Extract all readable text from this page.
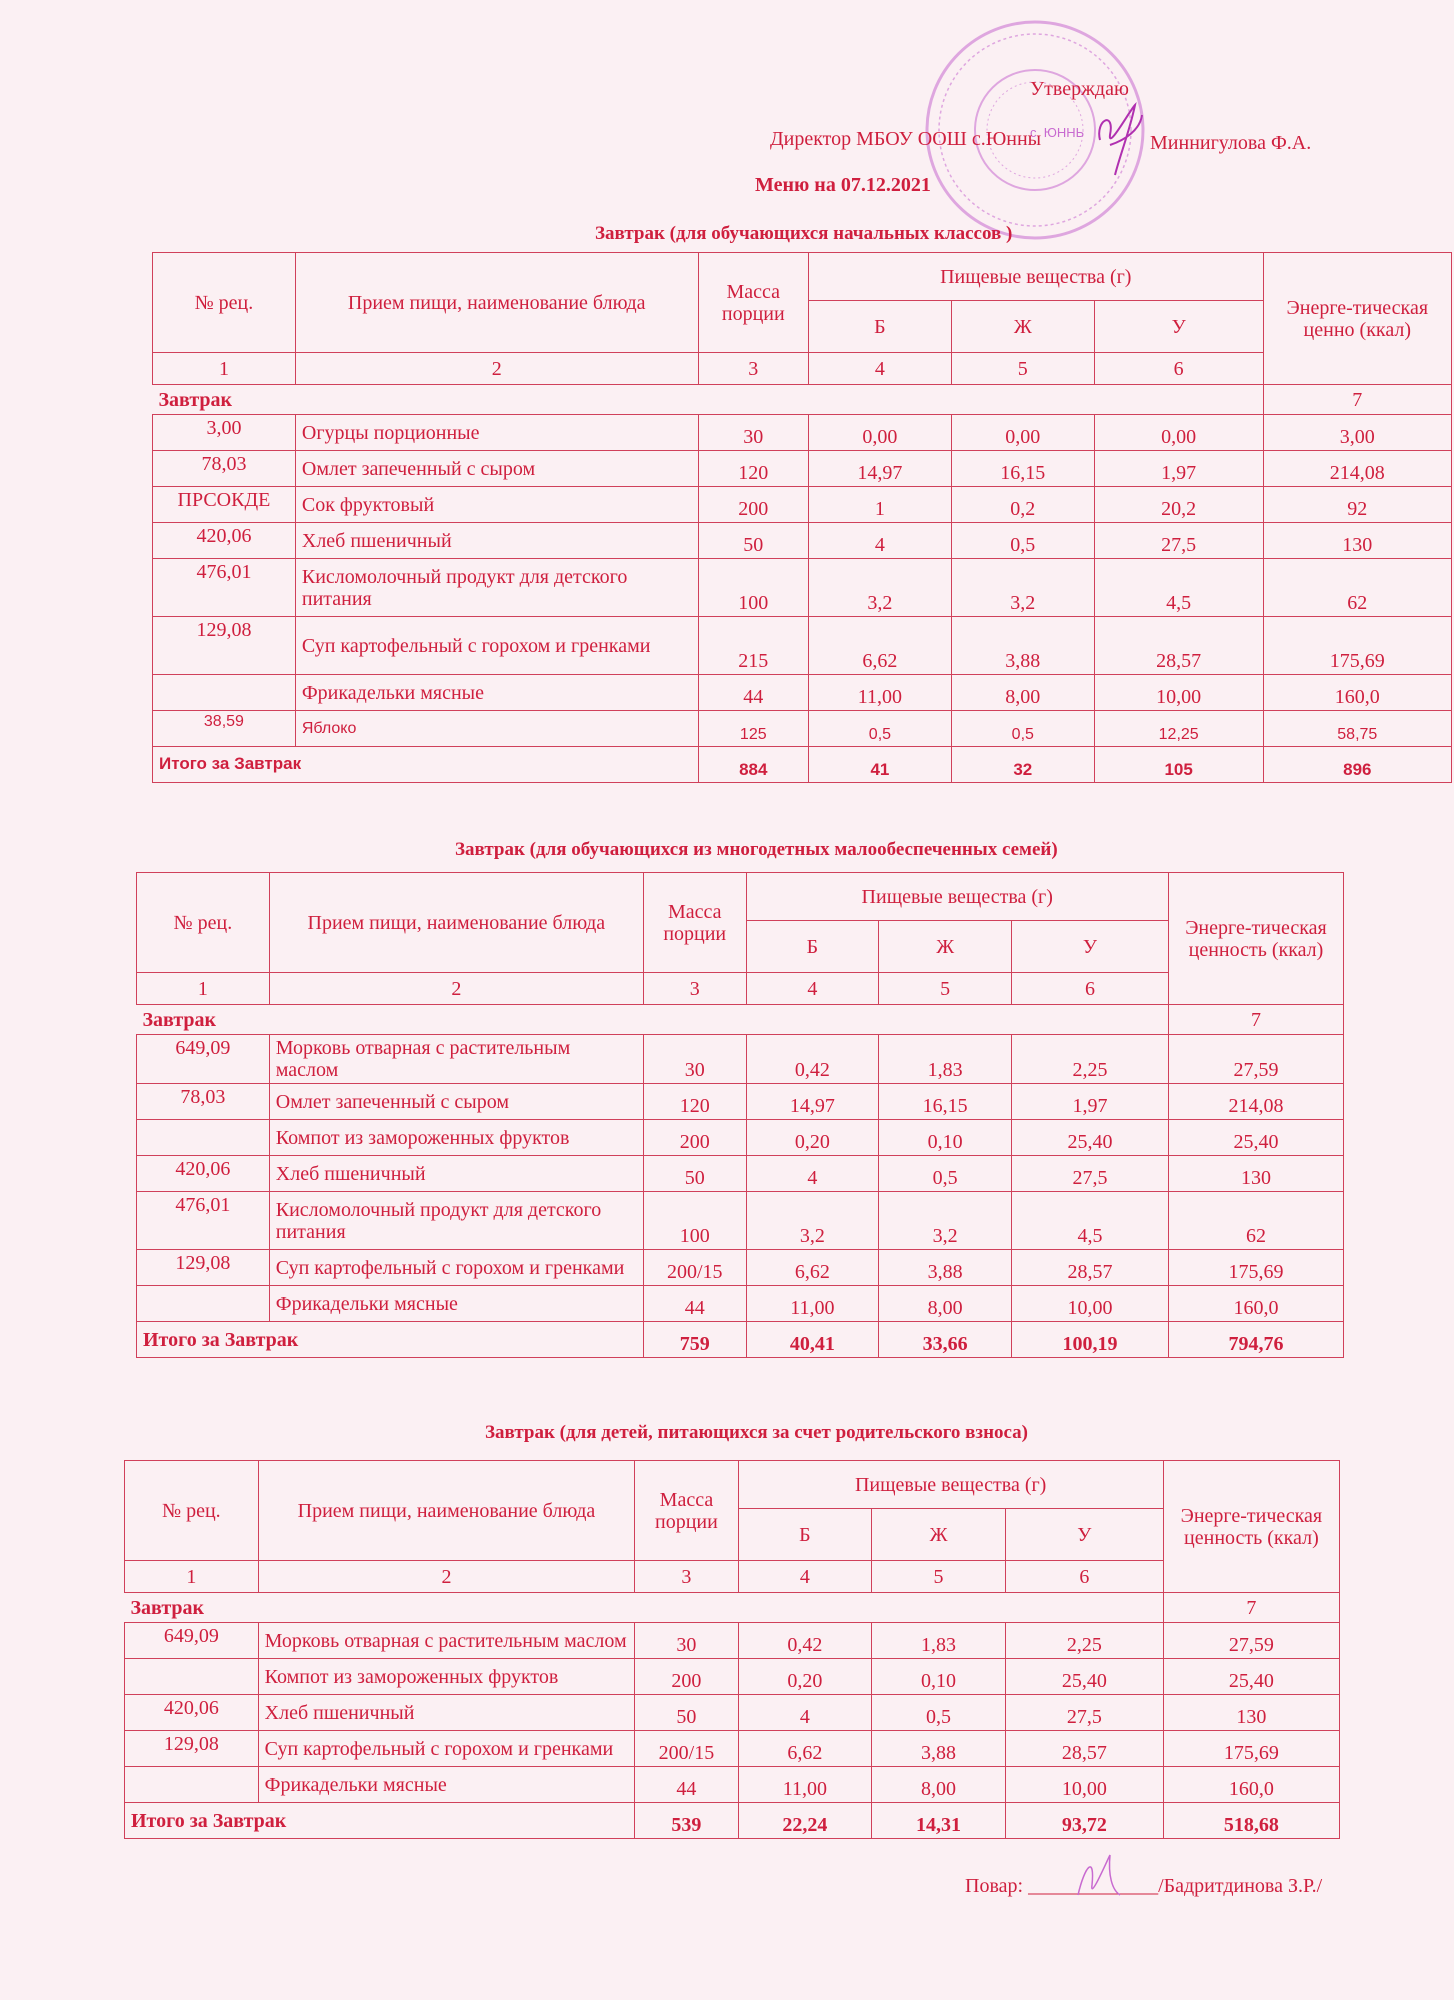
с. ЮННЬ
Утверждаю
Директор МБОУ ООШ с.Юнны	Миннигулова Ф.А.
Меню на 07.12.2021
Завтрак (для обучающихся начальных классов )
№ рец.	Прием пищи, наименование блюда	Масса порции	Пищевые вещества (г)			Энерге-тическая ценно (ккал)
			Б	Ж	У	
1	2	3	4	5	6	
Завтрак						7
3,00	Огурцы порционные	30	0,00	0,00	0,00	3,00
78,03	Омлет запеченный с сыром	120	14,97	16,15	1,97	214,08
ПРСОКДЕ	Сок фруктовый	200	1	0,2	20,2	92
420,06	Хлеб пшеничный	50	4	0,5	27,5	130
476,01	Кисломолочный продукт для детского питания	100	3,2	3,2	4,5	62
129,08	Суп картофельный с горохом и гренками	215	6,62	3,88	28,57	175,69
	Фрикадельки мясные	44	11,00	8,00	10,00	160,0
38,59	Яблоко	125	0,5	0,5	12,25	58,75
Итого за Завтрак		884	41	32	105	896
Завтрак (для обучающихся из многодетных малообеспеченных семей)
№ рец.	Прием пищи, наименование блюда	Масса порции	Пищевые вещества (г)			Энерге-тическая ценность (ккал)
			Б	Ж	У	
1	2	3	4	5	6	
Завтрак						7
649,09	Морковь отварная с растительным маслом	30	0,42	1,83	2,25	27,59
78,03	Омлет запеченный с сыром	120	14,97	16,15	1,97	214,08
	Компот из замороженных фруктов	200	0,20	0,10	25,40	25,40
420,06	Хлеб пшеничный	50	4	0,5	27,5	130
476,01	Кисломолочный продукт для детского питания	100	3,2	3,2	4,5	62
129,08	Суп картофельный с горохом и гренками	200/15	6,62	3,88	28,57	175,69
	Фрикадельки мясные	44	11,00	8,00	10,00	160,0
Итого за Завтрак		759	40,41	33,66	100,19	794,76
Завтрак (для детей, питающихся за счет родительского взноса)
№ рец.	Прием пищи, наименование блюда	Масса порции	Пищевые вещества (г)			Энерге-тическая ценность (ккал)
			Б	Ж	У	
1	2	3	4	5	6	
Завтрак						7
649,09	Морковь отварная с растительным маслом	30	0,42	1,83	2,25	27,59
	Компот из замороженных фруктов	200	0,20	0,10	25,40	25,40
420,06	Хлеб пшеничный	50	4	0,5	27,5	130
129,08	Суп картофельный с горохом и гренками	200/15	6,62	3,88	28,57	175,69
	Фрикадельки мясные	44	11,00	8,00	10,00	160,0
Итого за Завтрак		539	22,24	14,31	93,72	518,68
Повар: _____________/Бадритдинова З.Р./
